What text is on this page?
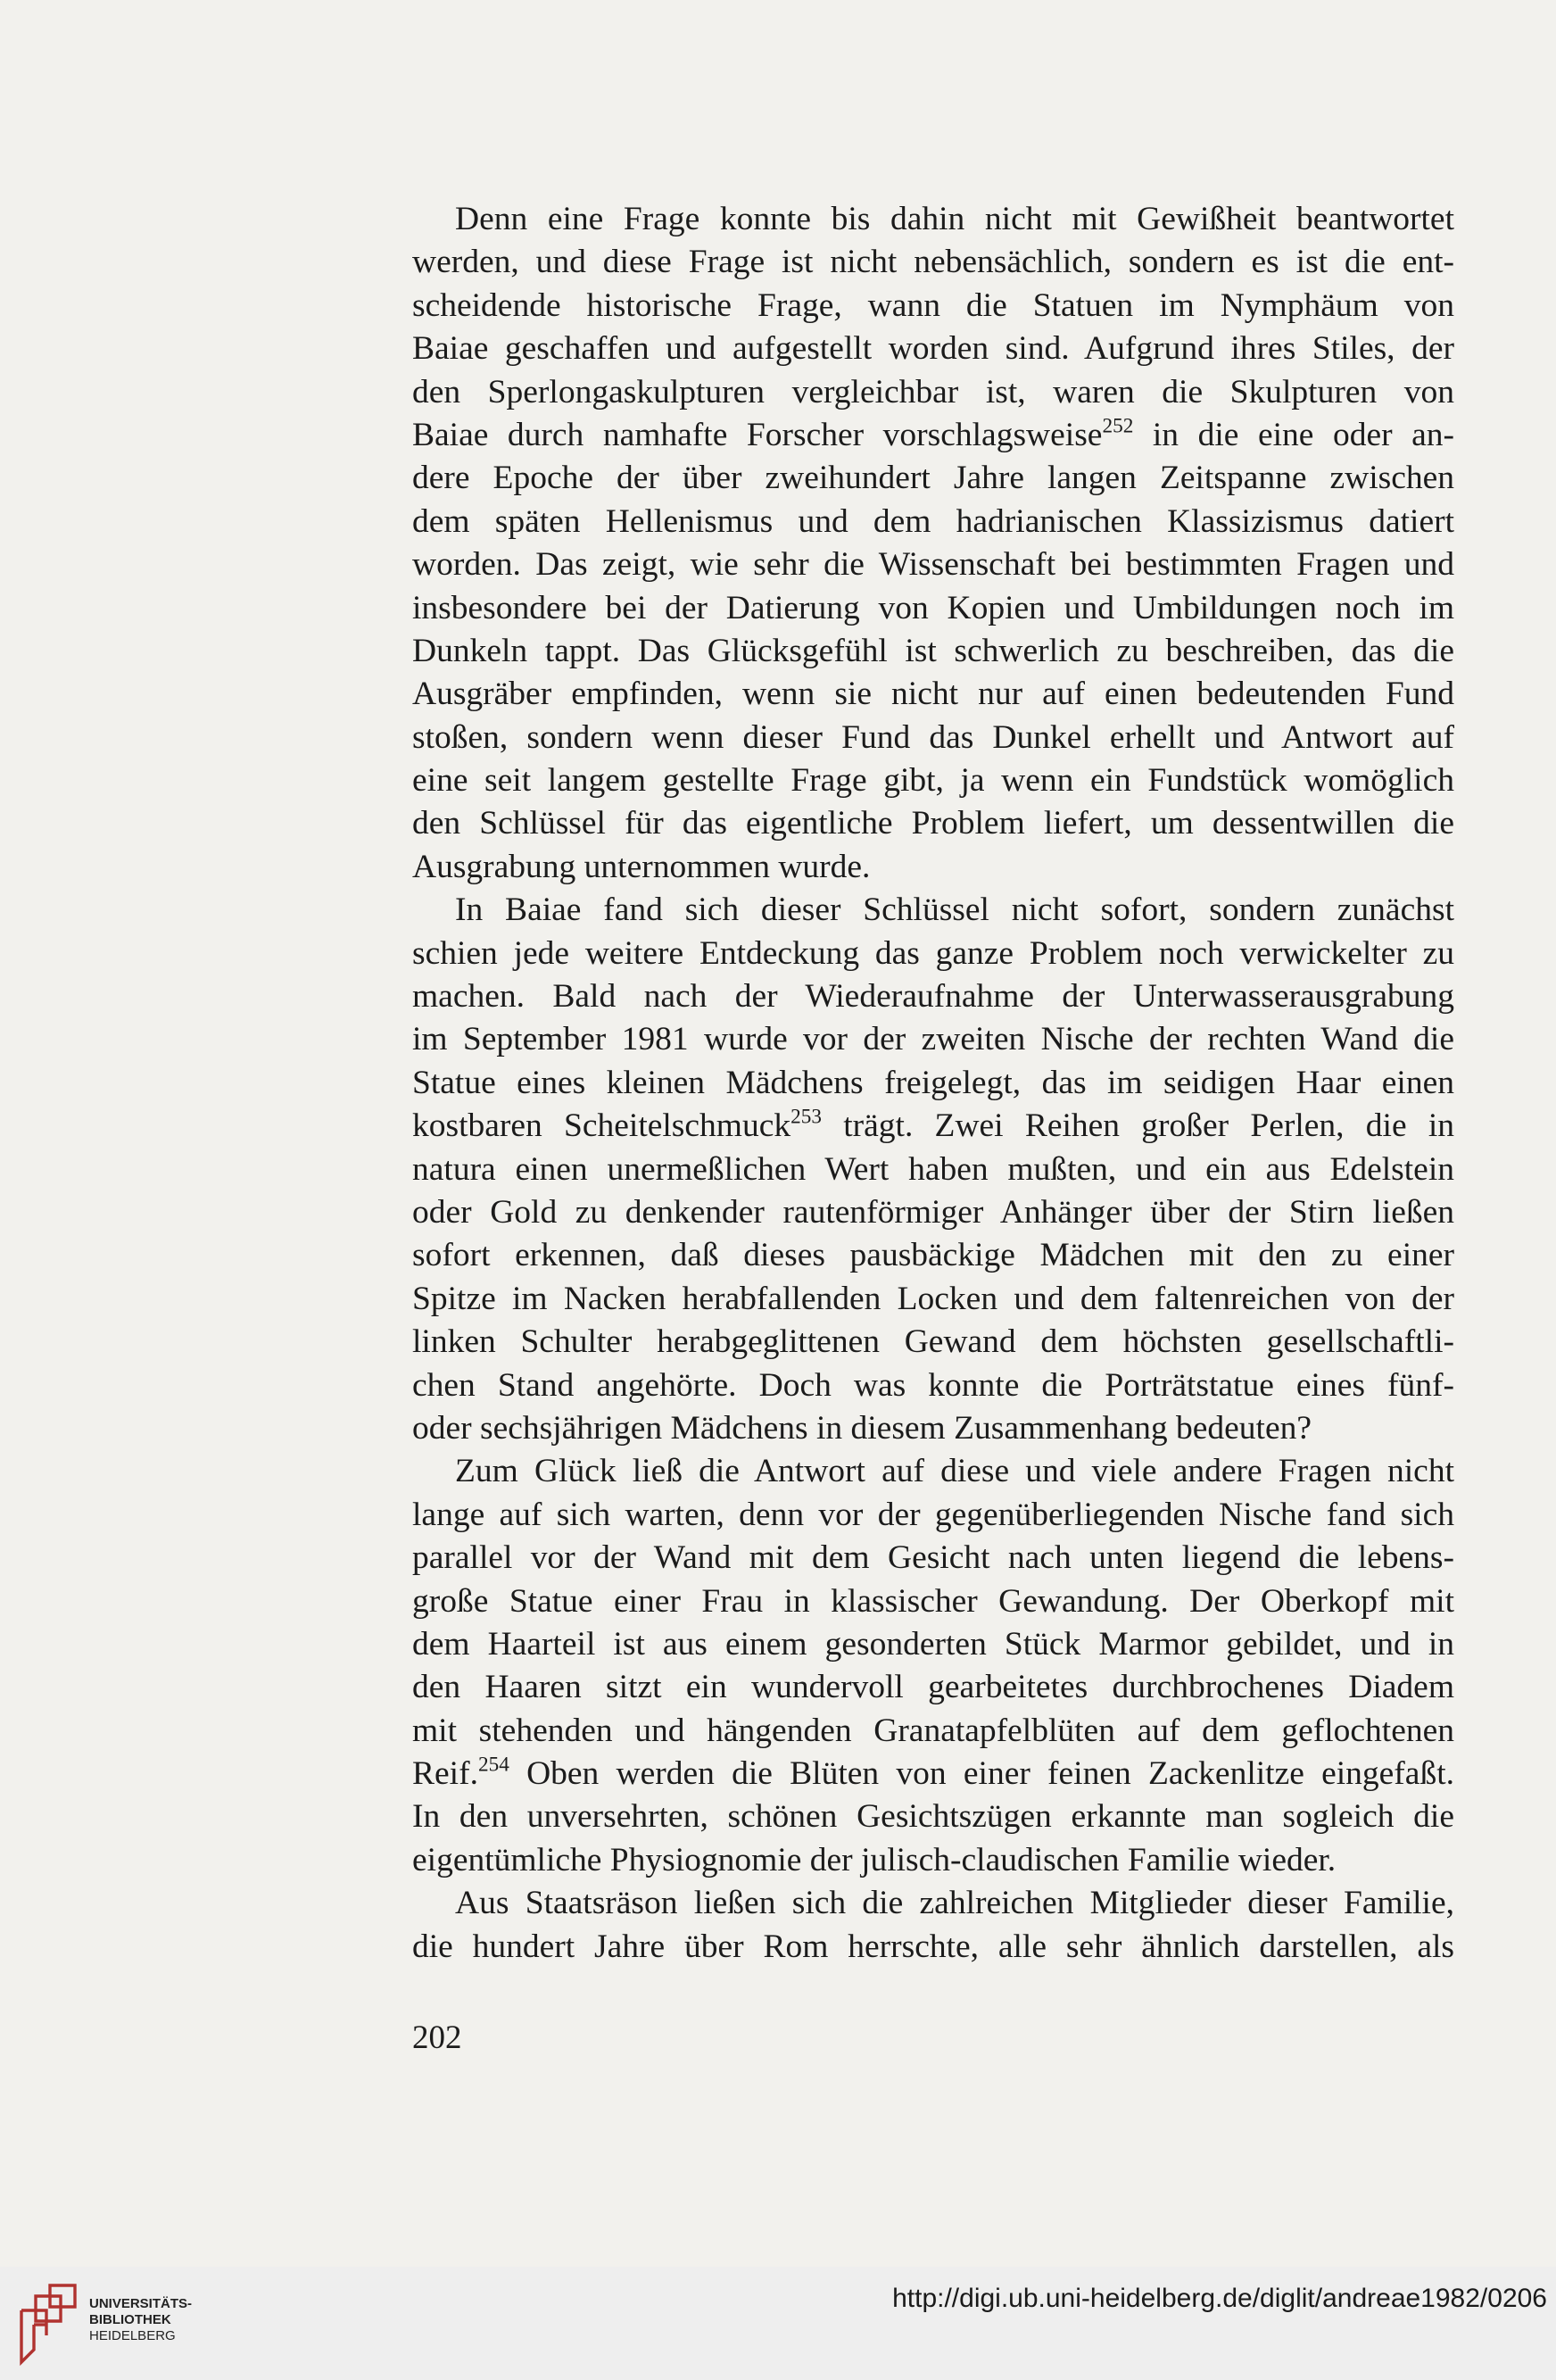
Denn eine Frage konnte bis dahin nicht mit Gewißheit beantwortet
werden, und diese Frage ist nicht nebensächlich, sondern es ist die ent-
scheidende historische Frage, wann die Statuen im Nymphäum von
Baiae geschaffen und aufgestellt worden sind. Aufgrund ihres Stiles, der
den Sperlongaskulpturen vergleichbar ist, waren die Skulpturen von
Baiae durch namhafte Forscher vorschlagsweise$^{252}$ in die eine oder an-
dere Epoche der über zweihundert Jahre langen Zeitspanne zwischen
dem späten Hellenismus und dem hadrianischen Klassizismus datiert
worden. Das zeigt, wie sehr die Wissenschaft bei bestimmten Fragen und
insbesondere bei der Datierung von Kopien und Umbildungen noch im
Dunkeln tappt. Das Glücksgefühl ist schwerlich zu beschreiben, das die
Ausgräber empfinden, wenn sie nicht nur auf einen bedeutenden Fund
stoßen, sondern wenn dieser Fund das Dunkel erhellt und Antwort auf
eine seit langem gestellte Frage gibt, ja wenn ein Fundstück womöglich
den Schlüssel für das eigentliche Problem liefert, um dessentwillen die
Ausgrabung unternommen wurde.
In Baiae fand sich dieser Schlüssel nicht sofort, sondern zunächst
schien jede weitere Entdeckung das ganze Problem noch verwickelter zu
machen. Bald nach der Wiederaufnahme der Unterwasserausgrabung
im September 1981 wurde vor der zweiten Nische der rechten Wand die
Statue eines kleinen Mädchens freigelegt, das im seidigen Haar einen
kostbaren Scheitelschmuck$^{253}$ trägt. Zwei Reihen großer Perlen, die in
natura einen unermeßlichen Wert haben mußten, und ein aus Edelstein
oder Gold zu denkender rautenförmiger Anhänger über der Stirn ließen
sofort erkennen, daß dieses pausbäckige Mädchen mit den zu einer
Spitze im Nacken herabfallenden Locken und dem faltenreichen von der
linken Schulter herabgeglittenen Gewand dem höchsten gesellschaftli-
chen Stand angehörte. Doch was konnte die Porträtstatue eines fünf-
oder sechsjährigen Mädchens in diesem Zusammenhang bedeuten?
Zum Glück ließ die Antwort auf diese und viele andere Fragen nicht
lange auf sich warten, denn vor der gegenüberliegenden Nische fand sich
parallel vor der Wand mit dem Gesicht nach unten liegend die lebens-
große Statue einer Frau in klassischer Gewandung. Der Oberkopf mit
dem Haarteil ist aus einem gesonderten Stück Marmor gebildet, und in
den Haaren sitzt ein wundervoll gearbeitetes durchbrochenes Diadem
mit stehenden und hängenden Granatapfelblüten auf dem geflochtenen
Reif.$^{254}$ Oben werden die Blüten von einer feinen Zackenlitze eingefaßt.
In den unversehrten, schönen Gesichtszügen erkannte man sogleich die
eigentümliche Physiognomie der julisch-claudischen Familie wieder.
Aus Staatsräson ließen sich die zahlreichen Mitglieder dieser Familie,
die hundert Jahre über Rom herrschte, alle sehr ähnlich darstellen, als
202
UNIVERSITÄTS-
BIBLIOTHEK
HEIDELBERG
http://digi.ub.uni-heidelberg.de/diglit/andreae1982/0206
